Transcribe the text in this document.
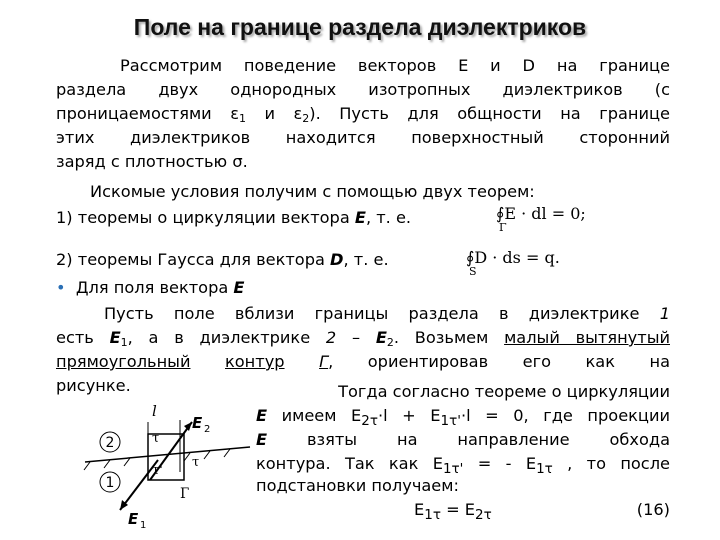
Поле на границе раздела диэлектриков
Рассмотрим поведение векторов E и D на границе
раздела двух однородных изотропных диэлектриков (с
проницаемостями $\varepsilon_1$ и $\varepsilon_2$). Пусть для общности на границе
этих диэлектриков находится поверхностный сторонний
заряд с плотностью σ.
Искомые условия получим с помощью двух теорем:
1) теоремы о циркуляции вектора E, т. е.	∮E · dl = 0;
Γ
2) теоремы Гаусса для вектора D, т. е.	∮D · ds = q.
S
• Для поля вектора E
Пусть поле вблизи границы раздела в диэлектрике 1
есть $E_1$, а в диэлектрике $2 - E_2$. Возьмем малый вытянутый
прямоугольный контур Г, ориентировав его как на
рисунке.	Тогда согласно теореме о циркуляции
E имеем $E_{2\tau}\cdot l + E_{1\tau'}\cdot l = 0$, где проекции
E взяты на направление обхода
контура. Так как $E_{1\tau'}$ = - $E_{1\tau}$ , то после
подстановки получаем:
$E_{1\tau} = E_{2\tau}$	(16)
2
1
l
E 2
E 1
τ
τ'
τ
Г
